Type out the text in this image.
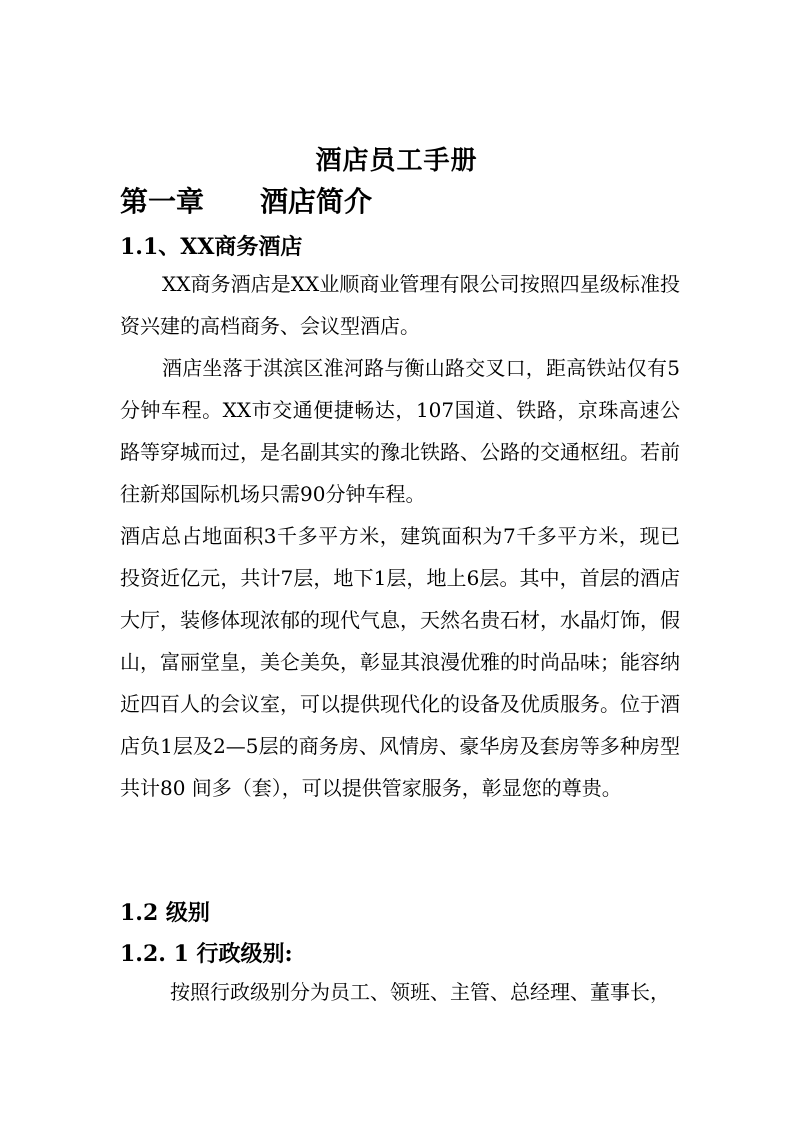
酒店员工手册
第一章 酒店简介
1.1、XX商务酒店
XX商务酒店是XX业顺商业管理有限公司按照四星级标准投资兴建的高档商务、会议型酒店。
酒店坐落于淇滨区淮河路与衡山路交叉口，距高铁站仅有5分钟车程。XX市交通便捷畅达，107国道、铁路，京珠高速公路等穿城而过，是名副其实的豫北铁路、公路的交通枢纽。若前往新郑国际机场只需90分钟车程。
酒店总占地面积3千多平方米，建筑面积为7千多平方米，现已投资近亿元，共计7层，地下1层，地上6层。其中，首层的酒店大厅，装修体现浓郁的现代气息，天然名贵石材，水晶灯饰，假山，富丽堂皇，美仑美奂，彰显其浪漫优雅的时尚品味；能容纳近四百人的会议室，可以提供现代化的设备及优质服务。位于酒店负1层及2—5层的商务房、风情房、豪华房及套房等多种房型共计80 间多（套），可以提供管家服务，彰显您的尊贵。
1.2 级别
1.2. 1 行政级别:
按照行政级别分为员工、领班、主管、总经理、董事长，
